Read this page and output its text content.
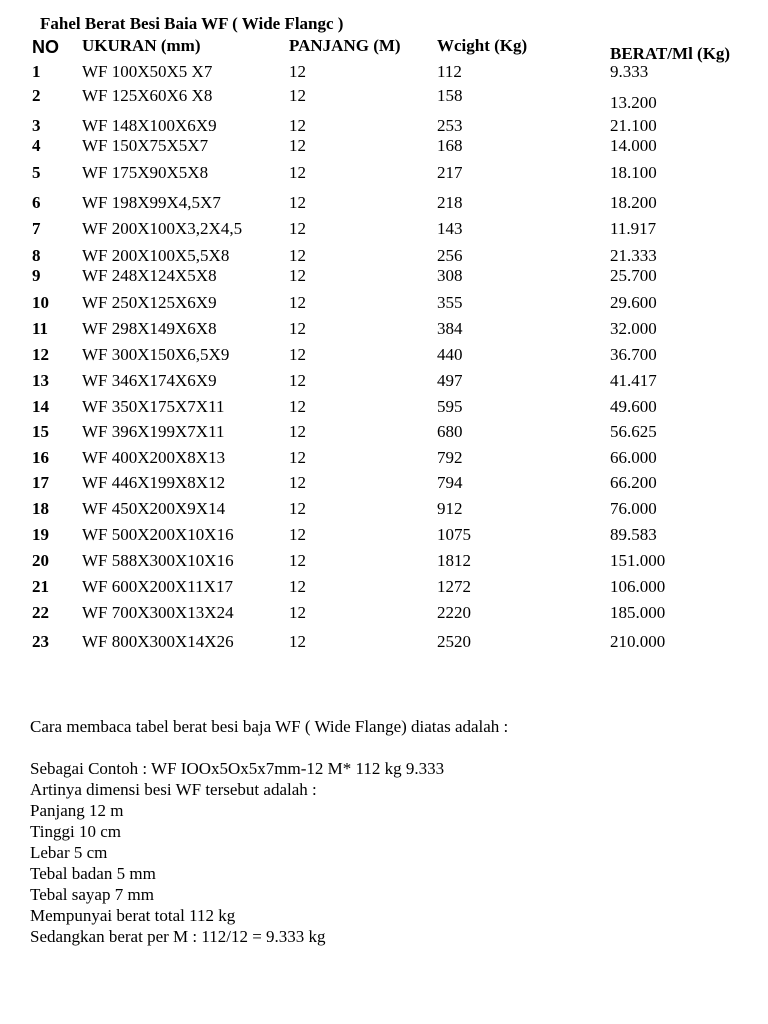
Fahel Berat Besi Baia WF ( Wide Flangc )
NO UKURAN (mm)	PANJANG (M) Wcight (Kg)	BERAT/Ml (Kg)
1 WF 100X50X5 X7	12	112	9.333
2 WF 125X60X6 X8	12	158	13.200
3 WF 148X100X6X9	12	253	21.100
4 WF 150X75X5X7	12	168	14.000
5 WF 175X90X5X8	12	217	18.100
6 WF 198X99X4,5X7	12	218	18.200
7 WF 200X100X3,2X4,5	12	143	11.917
8 WF 200X100X5,5X8	12	256	21.333
9 WF 248X124X5X8	12	308	25.700
10 WF 250X125X6X9	12	355	29.600
11 WF 298X149X6X8	12	384	32.000
12 WF 300X150X6,5X9	12	440	36.700
13 WF 346X174X6X9	12	497	41.417
14 WF 350X175X7X11	12	595	49.600
15 WF 396X199X7X11	12	680	56.625
16 WF 400X200X8X13	12	792	66.000
17 WF 446X199X8X12	12	794	66.200
18 WF 450X200X9X14	12	912	76.000
19 WF 500X200X10X16	12	1075	89.583
20 WF 588X300X10X16	12	1812	151.000
21 WF 600X200X11X17	12	1272	106.000
22 WF 700X300X13X24	12	2220	185.000
23 WF 800X300X14X26	12	2520	210.000

Cara membaca tabel berat besi baja WF ( Wide Flange) diatas adalah :

Sebagai Contoh : WF IOOx5Ox5x7mm-12 M* 112 kg 9.333
Artinya dimensi besi WF tersebut adalah :
Panjang 12 m
Tinggi 10 cm
Lebar 5 cm
Tebal badan 5 mm
Tebal sayap 7 mm
Mempunyai berat total 112 kg
Sedangkan berat per M : 112/12 = 9.333 kg
